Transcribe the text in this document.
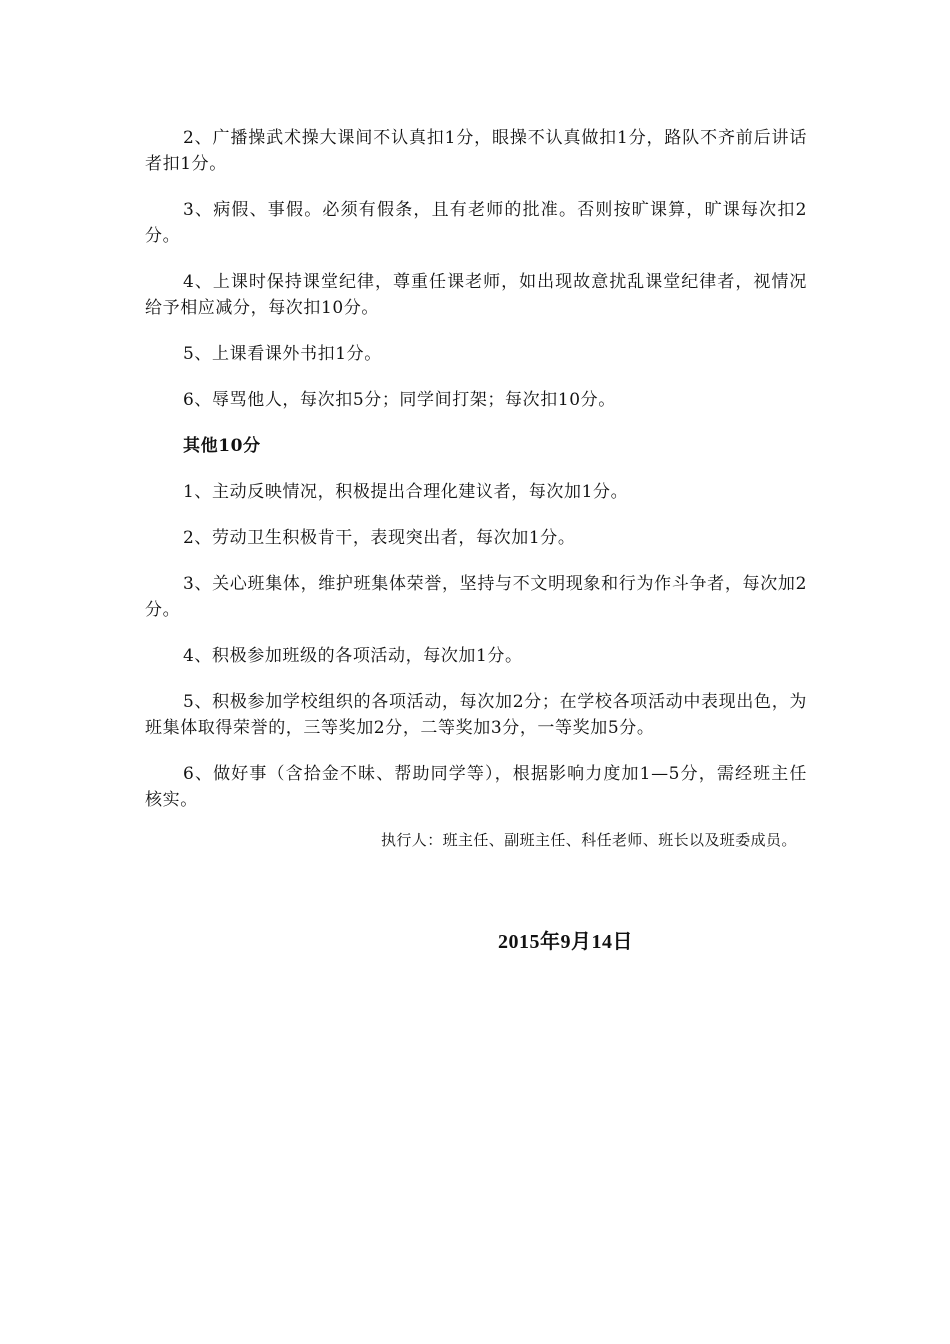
2、广播操武术操大课间不认真扣1分，眼操不认真做扣1分，路队不齐前后讲话者扣1分。

3、病假、事假。必须有假条，且有老师的批准。否则按旷课算，旷课每次扣2分。

4、上课时保持课堂纪律，尊重任课老师，如出现故意扰乱课堂纪律者，视情况给予相应减分，每次扣10分。

5、上课看课外书扣1分。

6、辱骂他人，每次扣5分；同学间打架；每次扣10分。

其他10分

1、主动反映情况，积极提出合理化建议者，每次加1分。

2、劳动卫生积极肯干，表现突出者，每次加1分。

3、关心班集体，维护班集体荣誉，坚持与不文明现象和行为作斗争者，每次加2分。

4、积极参加班级的各项活动，每次加1分。

5、积极参加学校组织的各项活动，每次加2分；在学校各项活动中表现出色，为班集体取得荣誉的，三等奖加2分，二等奖加3分，一等奖加5分。

6、做好事（含拾金不昧、帮助同学等），根据影响力度加1—5分，需经班主任核实。

执行人：班主任、副班主任、科任老师、班长以及班委成员。

2015年9月14日
